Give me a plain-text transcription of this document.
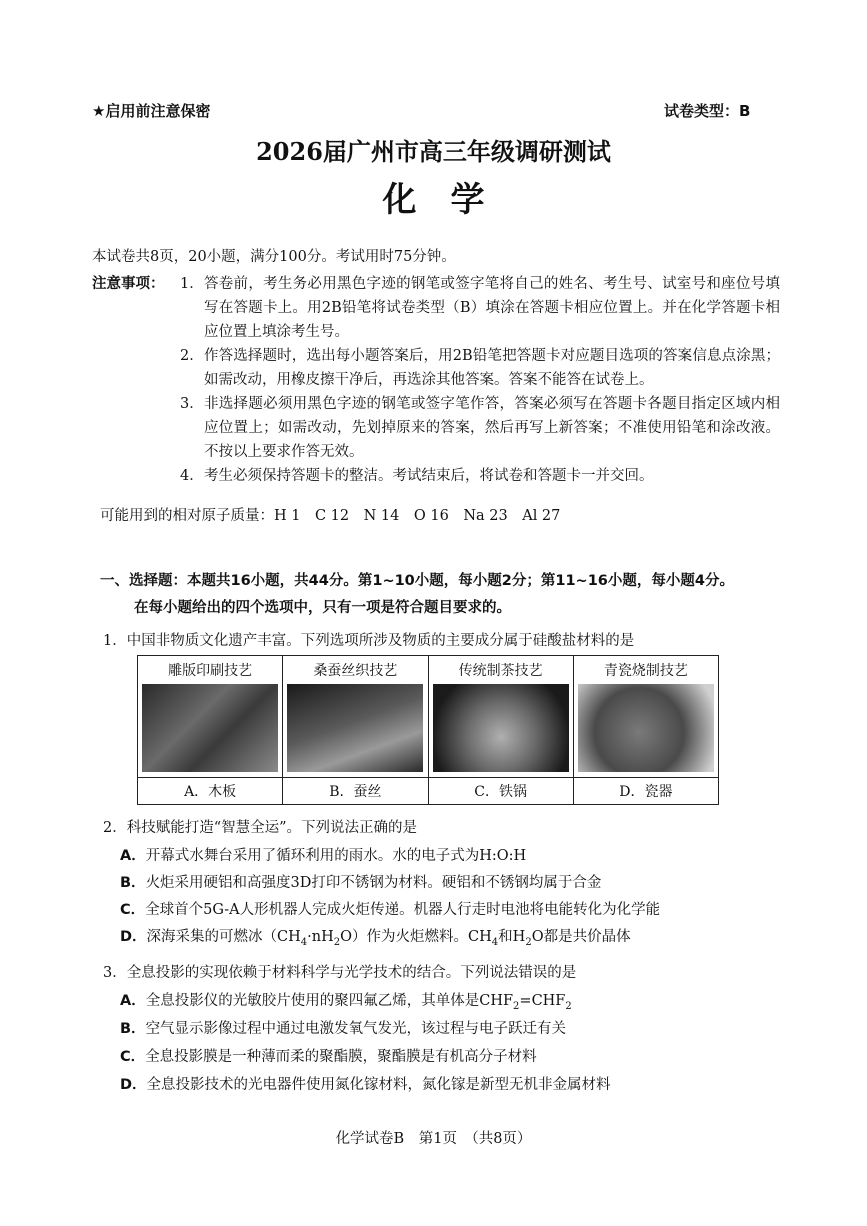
★启用前注意保密	试卷类型：B
2026届广州市高三年级调研测试
化　学
本试卷共8页，20小题，满分100分。考试用时75分钟。
注意事项： 1． 答卷前，考生务必用黑色字迹的钢笔或签字笔将自己的姓名、考生号、试室号和座位号填写在答题卡上。用2B铅笔将试卷类型（B）填涂在答题卡相应位置上。并在化学答题卡相应位置上填涂考生号。
2． 作答选择题时，选出每小题答案后，用2B铅笔把答题卡对应题目选项的答案信息点涂黑；如需改动，用橡皮擦干净后，再选涂其他答案。答案不能答在试卷上。
3． 非选择题必须用黑色字迹的钢笔或签字笔作答，答案必须写在答题卡各题目指定区域内相应位置上；如需改动，先划掉原来的答案，然后再写上新答案；不准使用铅笔和涂改液。不按以上要求作答无效。
4． 考生必须保持答题卡的整洁。考试结束后，将试卷和答题卡一并交回。
可能用到的相对原子质量：H 1　C 12　N 14　O 16　Na 23　Al 27
一、选择题：本题共16小题，共44分。第1~10小题，每小题2分；第11~16小题，每小题4分。
在每小题给出的四个选项中，只有一项是符合题目要求的。
1．中国非物质文化遗产丰富。下列选项所涉及物质的主要成分属于硅酸盐材料的是
雕版印刷技艺	桑蚕丝织技艺	传统制茶技艺	青瓷烧制技艺

A．木板	B．蚕丝	C．铁锅	D．瓷器
2．科技赋能打造“智慧全运”。下列说法正确的是
A．开幕式水舞台采用了循环利用的雨水。水的电子式为H:O:H
B．火炬采用硬铝和高强度3D打印不锈钢为材料。硬铝和不锈钢均属于合金
C．全球首个5G-A人形机器人完成火炬传递。机器人行走时电池将电能转化为化学能
D．深海采集的可燃冰$(CH_4\cdot nH_2O)$作为火炬燃料。$CH_4$和$H_2O$都是共价晶体
3．全息投影的实现依赖于材料科学与光学技术的结合。下列说法错误的是
A．全息投影仪的光敏胶片使用的聚四氟乙烯，其单体是$CHF_2=CHF_2$
B．空气显示影像过程中通过电激发氧气发光，该过程与电子跃迁有关
C．全息投影膜是一种薄而柔的聚酯膜，聚酯膜是有机高分子材料
D．全息投影技术的光电器件使用氮化镓材料，氮化镓是新型无机非金属材料
化学试卷B　第1页　（共8页）
